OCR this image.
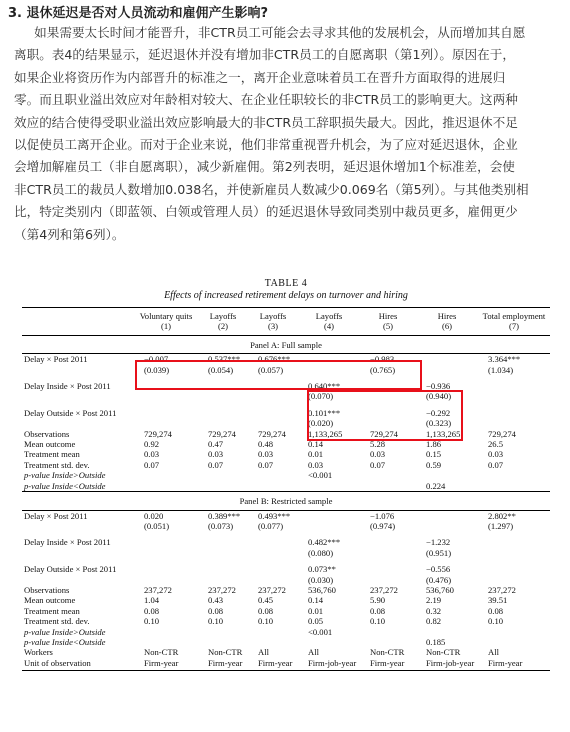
3. 退休延迟是否对人员流动和雇佣产生影响?
如果需要太长时间才能晋升，非CTR员工可能会去寻求其他的发展机会，从而增加其自愿
离职。表4的结果显示，延迟退休并没有增加非CTR员工的自愿离职（第1列）。原因在于，
如果企业将资历作为内部晋升的标准之一，离开企业意味着员工在晋升方面取得的进展归
零。而且职业溢出效应对年龄相对较大、在企业任职较长的非CTR员工的影响更大。这两种
效应的结合使得受职业溢出效应影响最大的非CTR员工辞职损失最大。因此，推迟退休不足
以促使员工离开企业。而对于企业来说，他们非常重视晋升机会，为了应对延迟退休，企业
会增加解雇员工（非自愿离职），减少新雇佣。第2列表明，延迟退休增加1个标准差，会使
非CTR员工的裁员人数增加0.038名，并使新雇员人数减少0.069名（第5列）。与其他类别相
比，特定类别内（即蓝领、白领或管理人员）的延迟退休导致同类别中裁员更多，雇佣更少
（第4列和第6列）。
TABLE 4
Effects of increased retirement delays on turnover and hiring
	Voluntary quits	Layoffs	Layoffs	Layoffs	Hires	Hires	Total employment
	(1)	(2)	(3)	(4)	(5)	(6)	(7)
Panel A: Full sample							
Delay × Post 2011	−0.007	0.537***	0.676***		−0.983		3.364***
	(0.039)	(0.054)	(0.057)		(0.765)		(1.034)

Delay Inside × Post 2011				0.640***		−0.936	
				(0.070)		(0.940)	

Delay Outside × Post 2011				0.101***		−0.292	
				(0.020)		(0.323)	
Observations	729,274	729,274	729,274	1,133,265	729,274	1,133,265	729,274
Mean outcome	0.92	0.47	0.48	0.14	5.28	1.86	26.5
Treatment mean	0.03	0.03	0.03	0.01	0.03	0.15	0.03
Treatment std. dev.	0.07	0.07	0.07	0.03	0.07	0.59	0.07
p-value Inside>Outside				<0.001			
p-value Inside<Outside						0.224	
Panel B: Restricted sample							
Delay × Post 2011	0.020	0.389***	0.493***		−1.076		2.802**
	(0.051)	(0.073)	(0.077)		(0.974)		(1.297)

Delay Inside × Post 2011				0.482***		−1.232	
				(0.080)		(0.951)	

Delay Outside × Post 2011				0.073**		−0.556	
				(0.030)		(0.476)	
Observations	237,272	237,272	237,272	536,760	237,272	536,760	237,272
Mean outcome	1.04	0.43	0.45	0.14	5.90	2.19	39.51
Treatment mean	0.08	0.08	0.08	0.01	0.08	0.32	0.08
Treatment std. dev.	0.10	0.10	0.10	0.05	0.10	0.82	0.10
p-value Inside>Outside				<0.001			
p-value Inside<Outside						0.185	
Workers	Non-CTR	Non-CTR	All	All	Non-CTR	Non-CTR	All
Unit of observation	Firm-year	Firm-year	Firm-year	Firm-job-year	Firm-year	Firm-job-year	Firm-year
